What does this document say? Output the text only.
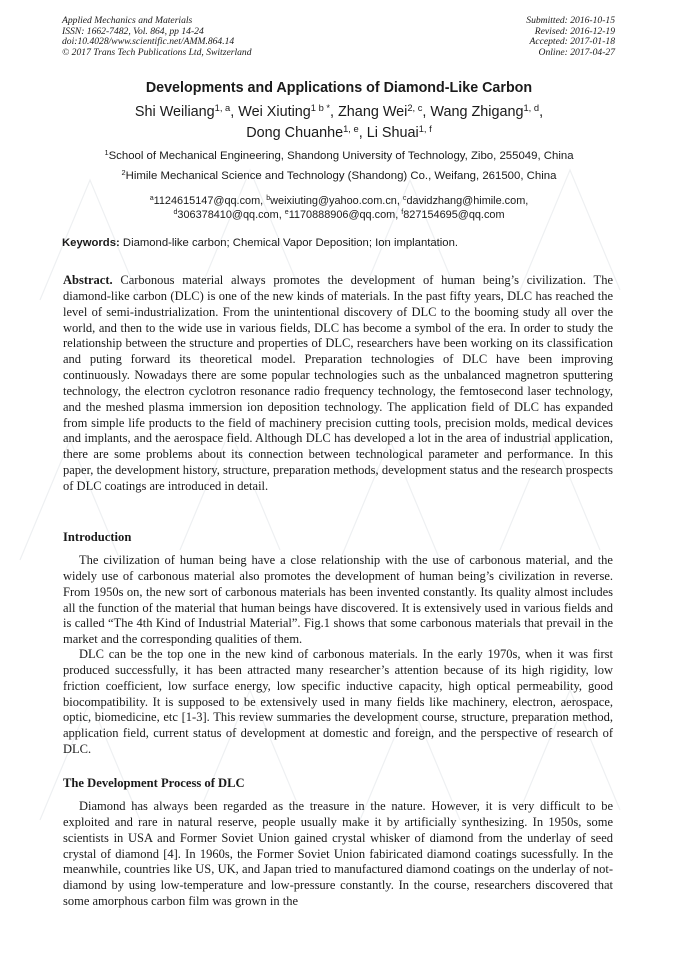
Applied Mechanics and Materials
ISSN: 1662-7482, Vol. 864, pp 14-24
doi:10.4028/www.scientific.net/AMM.864.14
© 2017 Trans Tech Publications Ltd, Switzerland
Submitted: 2016-10-15
Revised: 2016-12-19
Accepted: 2017-01-18
Online: 2017-04-27
Developments and Applications of Diamond-Like Carbon
Shi Weiliang$^{1, a}$, Wei Xiuting$^{1 b *}$, Zhang Wei$^{2, c}$, Wang Zhigang$^{1, d}$,
Dong Chuanhe$^{1, e}$, Li Shuai$^{1, f}$
$^1$School of Mechanical Engineering, Shandong University of Technology, Zibo, 255049, China
$^2$Himile Mechanical Science and Technology (Shandong) Co., Weifang, 261500, China
$^a$1124615147@qq.com, $^b$weixiuting@yahoo.com.cn, $^c$davidzhang@himile.com,
$^d$306378410@qq.com, $^e$1170888906@qq.com, $^f$827154695@qq.com
Keywords: Diamond-like carbon; Chemical Vapor Deposition; Ion implantation.
Abstract. Carbonous material always promotes the development of human being’s civilization. The diamond-like carbon (DLC) is one of the new kinds of materials. In the past fifty years, DLC has reached the level of semi-industrialization. From the unintentional discovery of DLC to the booming study all over the world, and then to the wide use in various fields, DLC has become a symbol of the era. In order to study the relationship between the structure and properties of DLC, researchers have been working on its classification and puting forward its theoretical model. Preparation technologies of DLC have been improving continuously. Nowadays there are some popular technologies such as the unbalanced magnetron sputtering technology, the electron cyclotron resonance radio frequency technology, the femtosecond laser technology, and the meshed plasma immersion ion deposition technology. The application field of DLC has expanded from simple life products to the field of machinery precision cutting tools, precision molds, medical devices and implants, and the aerospace field. Although DLC has developed a lot in the area of industrial application, there are some problems about its connection between technological parameter and performance. In this paper, the development history, structure, preparation methods, development status and the research prospects of DLC coatings are introduced in detail.
Introduction
The civilization of human being have a close relationship with the use of carbonous material, and the widely use of carbonous material also promotes the development of human being’s civilization in reverse. From 1950s on, the new sort of carbonous materials has been invented constantly. Its quality almost includes all the function of the material that human beings have discovered. It is extensively used in various fields and is called “The 4th Kind of Industrial Material”. Fig.1 shows that some carbonous materials that prevail in the market and the corresponding qualities of them.
DLC can be the top one in the new kind of carbonous materials. In the early 1970s, when it was first produced successfully, it has been attracted many researcher’s attention because of its high rigidity, low friction coefficient, low surface energy, low specific inductive capacity, high optical permeability, good biocompatibility. It is supposed to be extensively used in many fields like machinery, electron, aerospace, optic, biomedicine, etc [1-3]. This review summaries the development course, structure, preparation method, application field, current status of development at domestic and foreign, and the perspective of research of DLC.
The Development Process of DLC
Diamond has always been regarded as the treasure in the nature. However, it is very difficult to be exploited and rare in natural reserve, people usually make it by artificially synthesizing. In 1950s, some scientists in USA and Former Soviet Union gained crystal whisker of diamond from the underlay of seed crystal of diamond [4]. In 1960s, the Former Soviet Union fabiricated diamond coatings sucessfully. In the meanwhile, countries like US, UK, and Japan tried to manufactured diamond coatings on the underlay of not-diamond by using low-temperature and low-pressure constantly. In the course, researchers discovered that some amorphous carbon film was grown in the
